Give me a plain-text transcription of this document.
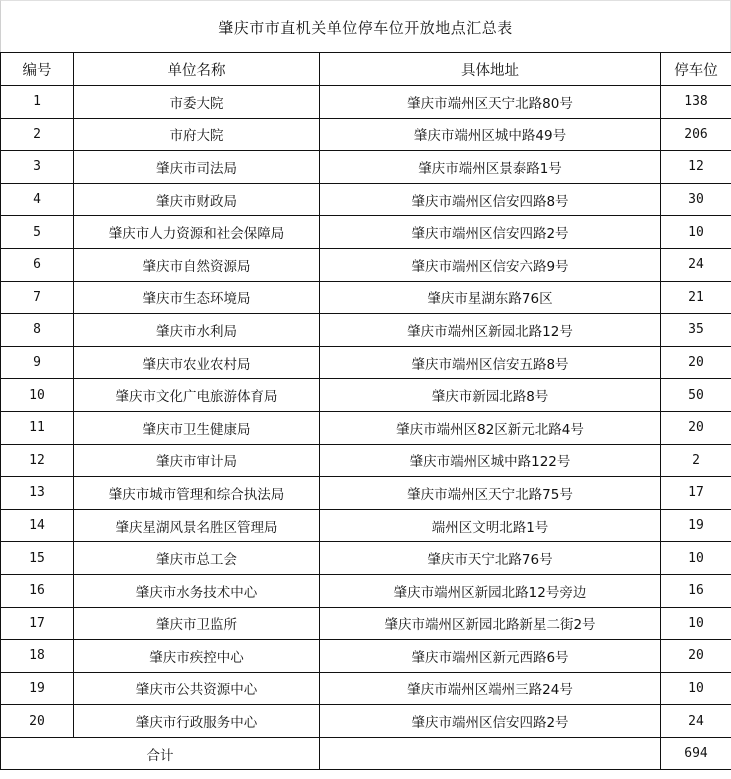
肇庆市市直机关单位停车位开放地点汇总表
编号	单位名称	具体地址	停车位
1	市委大院	肇庆市端州区天宁北路80号	138
2	市府大院	肇庆市端州区城中路49号	206
3	肇庆市司法局	肇庆市端州区景泰路1号	12
4	肇庆市财政局	肇庆市端州区信安四路8号	30
5	肇庆市人力资源和社会保障局	肇庆市端州区信安四路2号	10
6	肇庆市自然资源局	肇庆市端州区信安六路9号	24
7	肇庆市生态环境局	肇庆市星湖东路76区	21
8	肇庆市水利局	肇庆市端州区新园北路12号	35
9	肇庆市农业农村局	肇庆市端州区信安五路8号	20
10	肇庆市文化广电旅游体育局	肇庆市新园北路8号	50
11	肇庆市卫生健康局	肇庆市端州区82区新元北路4号	20
12	肇庆市审计局	肇庆市端州区城中路122号	2
13	肇庆市城市管理和综合执法局	肇庆市端州区天宁北路75号	17
14	肇庆星湖风景名胜区管理局	端州区文明北路1号	19
15	肇庆市总工会	肇庆市天宁北路76号	10
16	肇庆市水务技术中心	肇庆市端州区新园北路12号旁边	16
17	肇庆市卫监所	肇庆市端州区新园北路新星二街2号	10
18	肇庆市疾控中心	肇庆市端州区新元西路6号	20
19	肇庆市公共资源中心	肇庆市端州区端州三路24号	10
20	肇庆市行政服务中心	肇庆市端州区信安四路2号	24
合计			694
